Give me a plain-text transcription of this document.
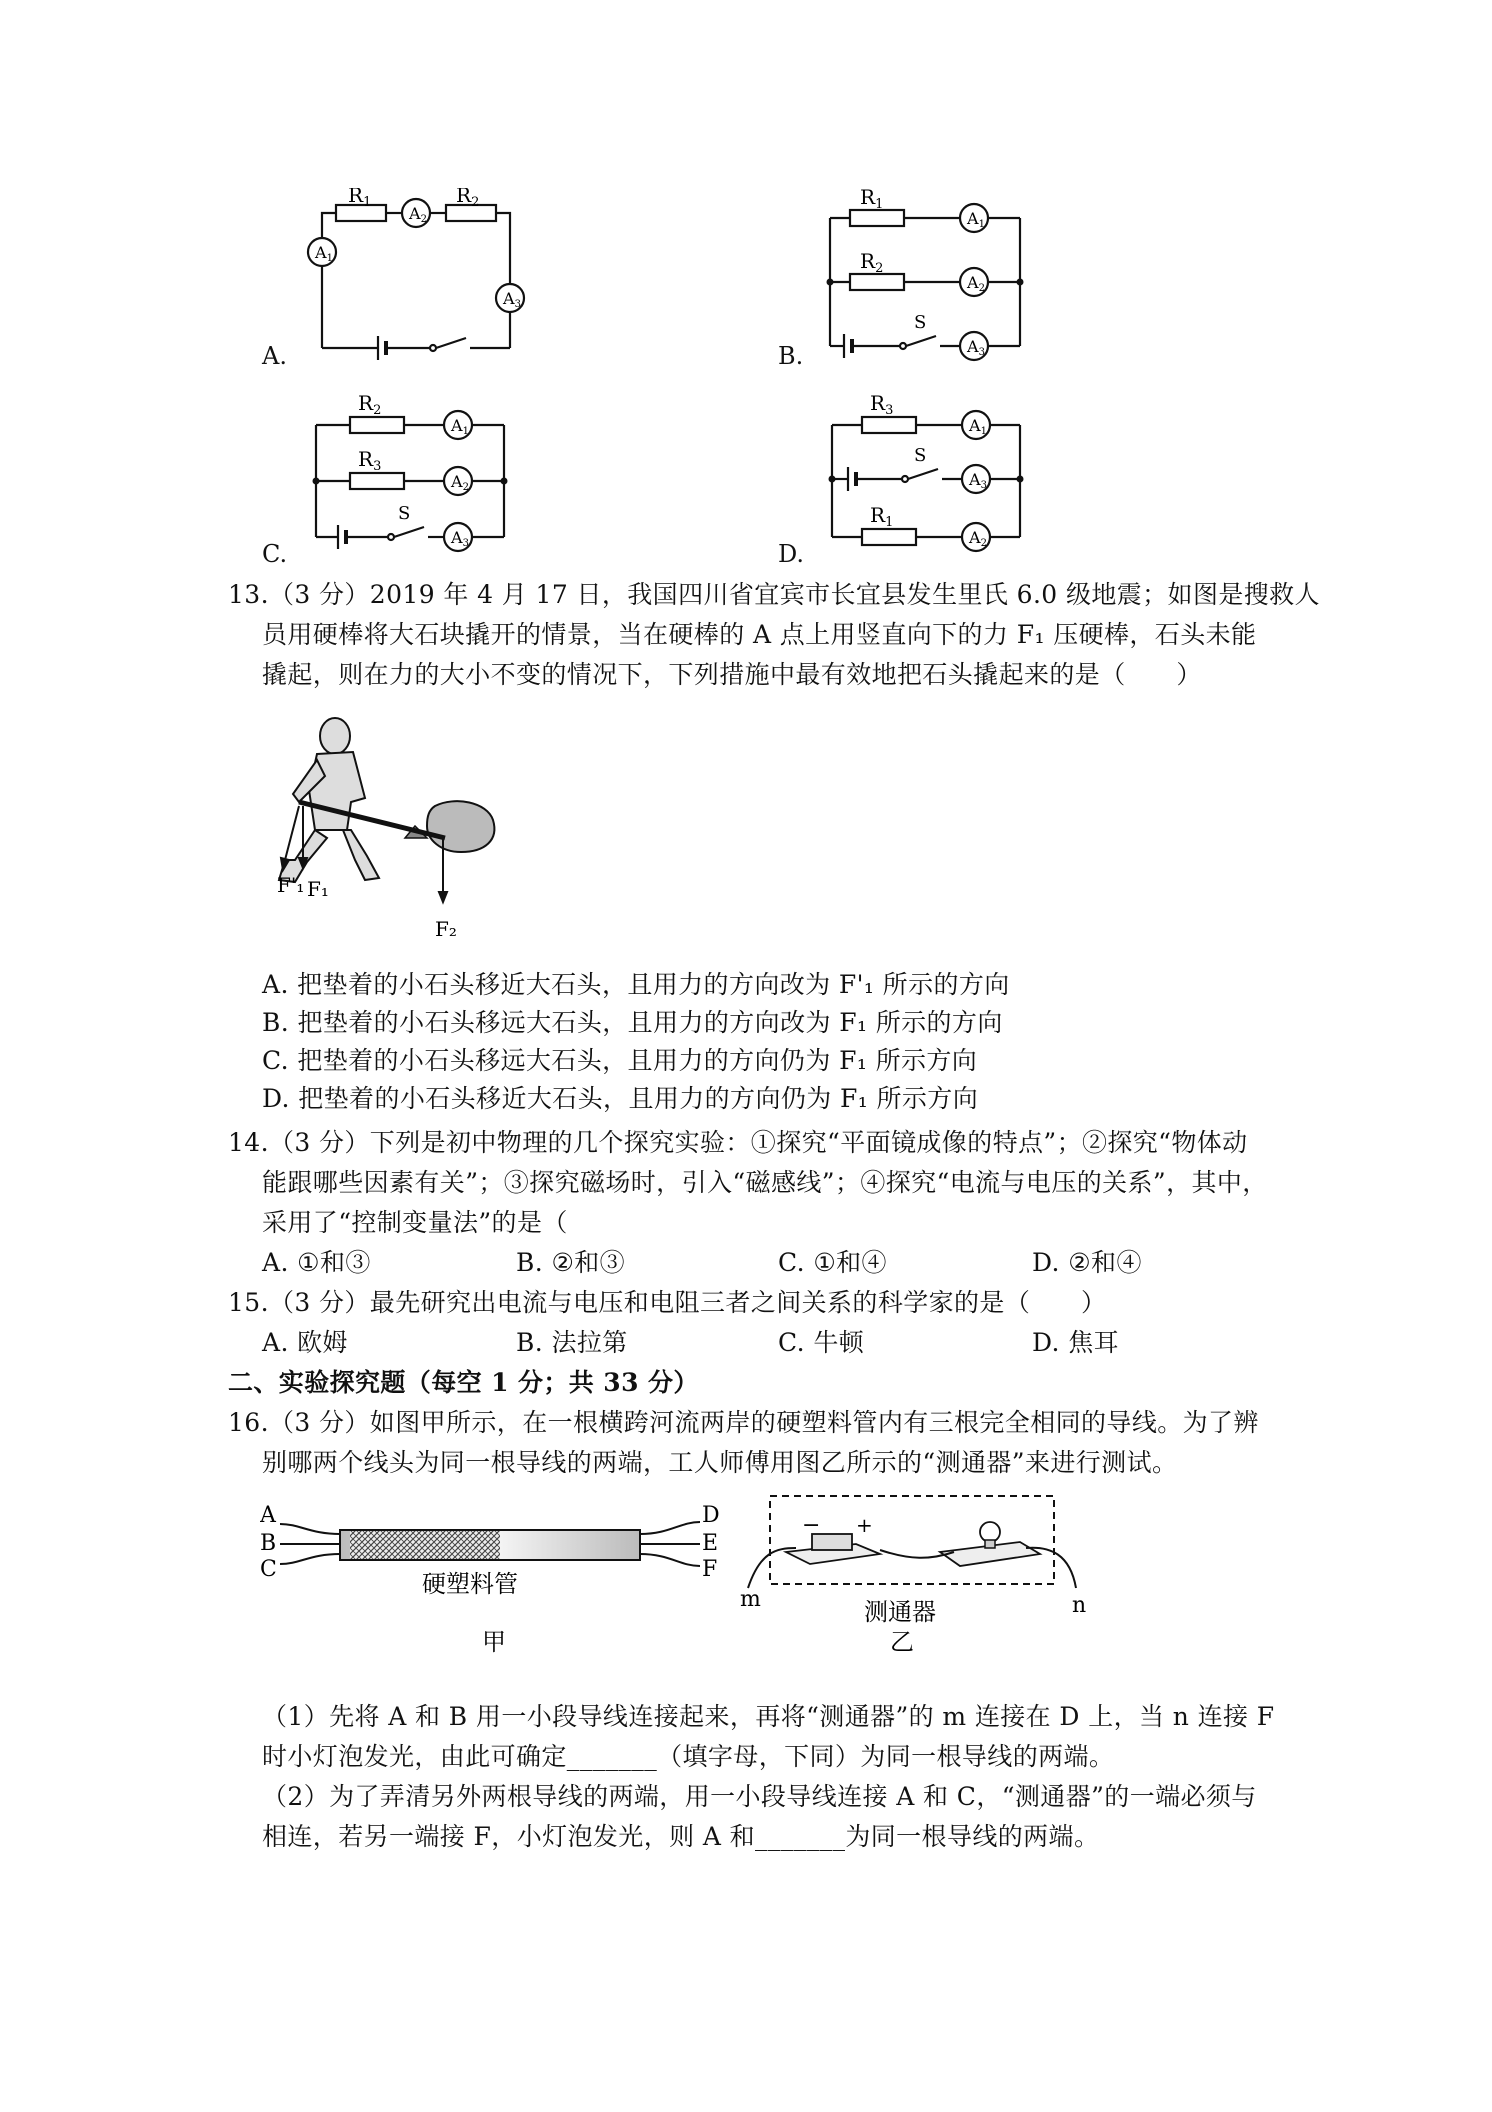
A.
$R_1$	$R_2$
A2
A1
A3
B.
$R_1$
$R_2$
A1
A2
A3
S
C.
$R_2$
$R_3$
A1
A2
A3
S
D.
$R_3$
$R_1$
A1
A3
A2
S
13.（3 分）2019 年 4 月 17 日，我国四川省宜宾市长宜县发生里氏 6.0 级地震；如图是搜救人
员用硬棒将大石块撬开的情景，当在硬棒的 A 点上用竖直向下的力 F₁ 压硬棒，石头未能
撬起，则在力的大小不变的情况下，下列措施中最有效地把石头撬起来的是（　　）
F'₁ F₁
F₂
A. 把垫着的小石头移近大石头，且用力的方向改为 F'₁ 所示的方向
B. 把垫着的小石头移远大石头，且用力的方向改为 F₁ 所示的方向
C. 把垫着的小石头移远大石头，且用力的方向仍为 F₁ 所示方向
D. 把垫着的小石头移近大石头，且用力的方向仍为 F₁ 所示方向
14.（3 分）下列是初中物理的几个探究实验：①探究“平面镜成像的特点”；②探究“物体动
能跟哪些因素有关”；③探究磁场时，引入“磁感线”；④探究“电流与电压的关系”，其中，
采用了“控制变量法”的是（
A. ①和③	B. ②和③	C. ①和④	D. ②和④
15.（3 分）最先研究出电流与电压和电阻三者之间关系的科学家的是（　　）
A. 欧姆	B. 法拉第	C. 牛顿	D. 焦耳
二、实验探究题（每空 1 分；共 33 分）
16.（3 分）如图甲所示，在一根横跨河流两岸的硬塑料管内有三根完全相同的导线。为了辨
别哪两个线头为同一根导线的两端，工人师傅用图乙所示的“测通器”来进行测试。
A
B
C
D
E
F
硬塑料管
甲
− +
m	n
测通器
乙
（1）先将 A 和 B 用一小段导线连接起来，再将“测通器”的 m 连接在 D 上，当 n 连接 F
时小灯泡发光，由此可确定_______（填字母，下同）为同一根导线的两端。
（2）为了弄清另外两根导线的两端，用一小段导线连接 A 和 C，“测通器”的一端必须与
相连，若另一端接 F，小灯泡发光，则 A 和_______为同一根导线的两端。
